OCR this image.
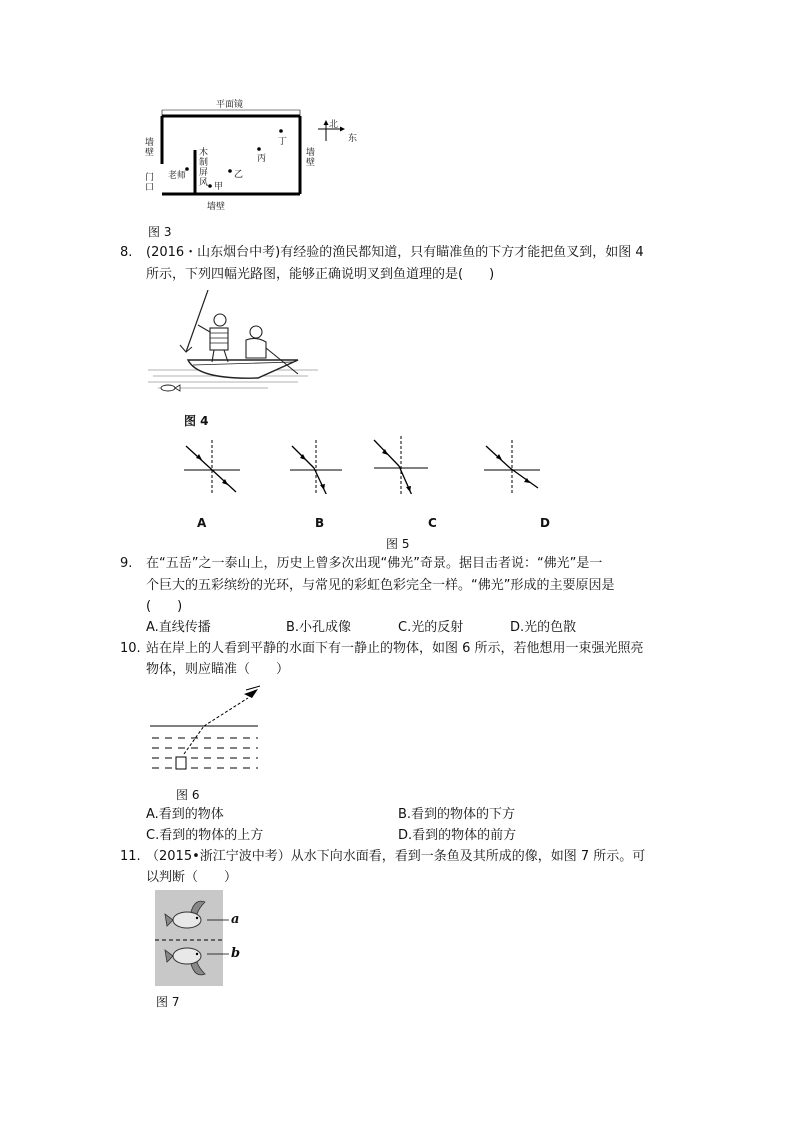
平面镜
墙壁
门口
老师
木制屏风 甲
乙
丙
丁
北
东
墙壁
墙壁
图 3
8. (2016・山东烟台中考)有经验的渔民都知道，只有瞄准鱼的下方才能把鱼叉到，如图 4
所示，下列四幅光路图，能够正确说明叉到鱼道理的是(　　)
图 4
A	B	C	D
图 5
9. 在“五岳”之一泰山上，历史上曾多次出现“佛光”奇景。据目击者说：“佛光”是一
个巨大的五彩缤纷的光环，与常见的彩虹色彩完全一样。“佛光”形成的主要原因是
(　　)
A.直线传播	B.小孔成像	C.光的反射	D.光的色散
10. 站在岸上的人看到平静的水面下有一静止的物体，如图 6 所示，若他想用一束强光照亮
物体，则应瞄准（　　）
图 6
A.看到的物体	B.看到的物体的下方
C.看到的物体的上方	D.看到的物体的前方
11. （2015•浙江宁波中考）从水下向水面看，看到一条鱼及其所成的像，如图 7 所示。可
以判断（　　）
a
b
图 7
